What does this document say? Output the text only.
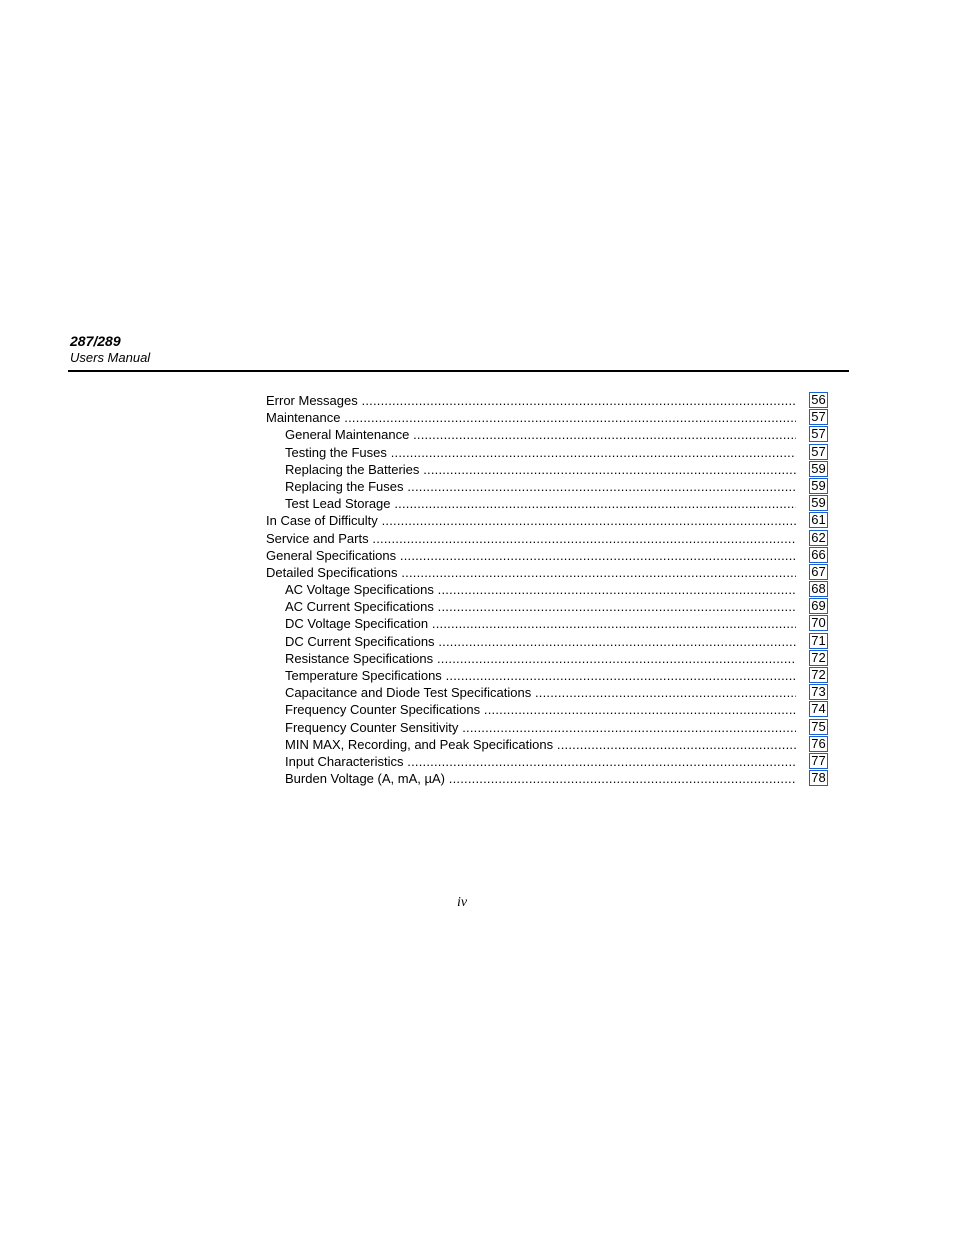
287/289
Users Manual
Error Messages .....	56
Maintenance .....	57
General Maintenance .....	57
Testing the Fuses .....	57
Replacing the Batteries .....	59
Replacing the Fuses .....	59
Test Lead Storage .....	59
In Case of Difficulty .....	61
Service and Parts .....	62
General Specifications .....	66
Detailed Specifications .....	67
AC Voltage Specifications .....	68
AC Current Specifications .....	69
DC Voltage Specification .....	70
DC Current Specifications .....	71
Resistance Specifications .....	72
Temperature Specifications .....	72
Capacitance and Diode Test Specifications .....	73
Frequency Counter Specifications .....	74
Frequency Counter Sensitivity .....	75
MIN MAX, Recording, and Peak Specifications .....	76
Input Characteristics .....	77
Burden Voltage (A, mA, µA) .....	78
iv
